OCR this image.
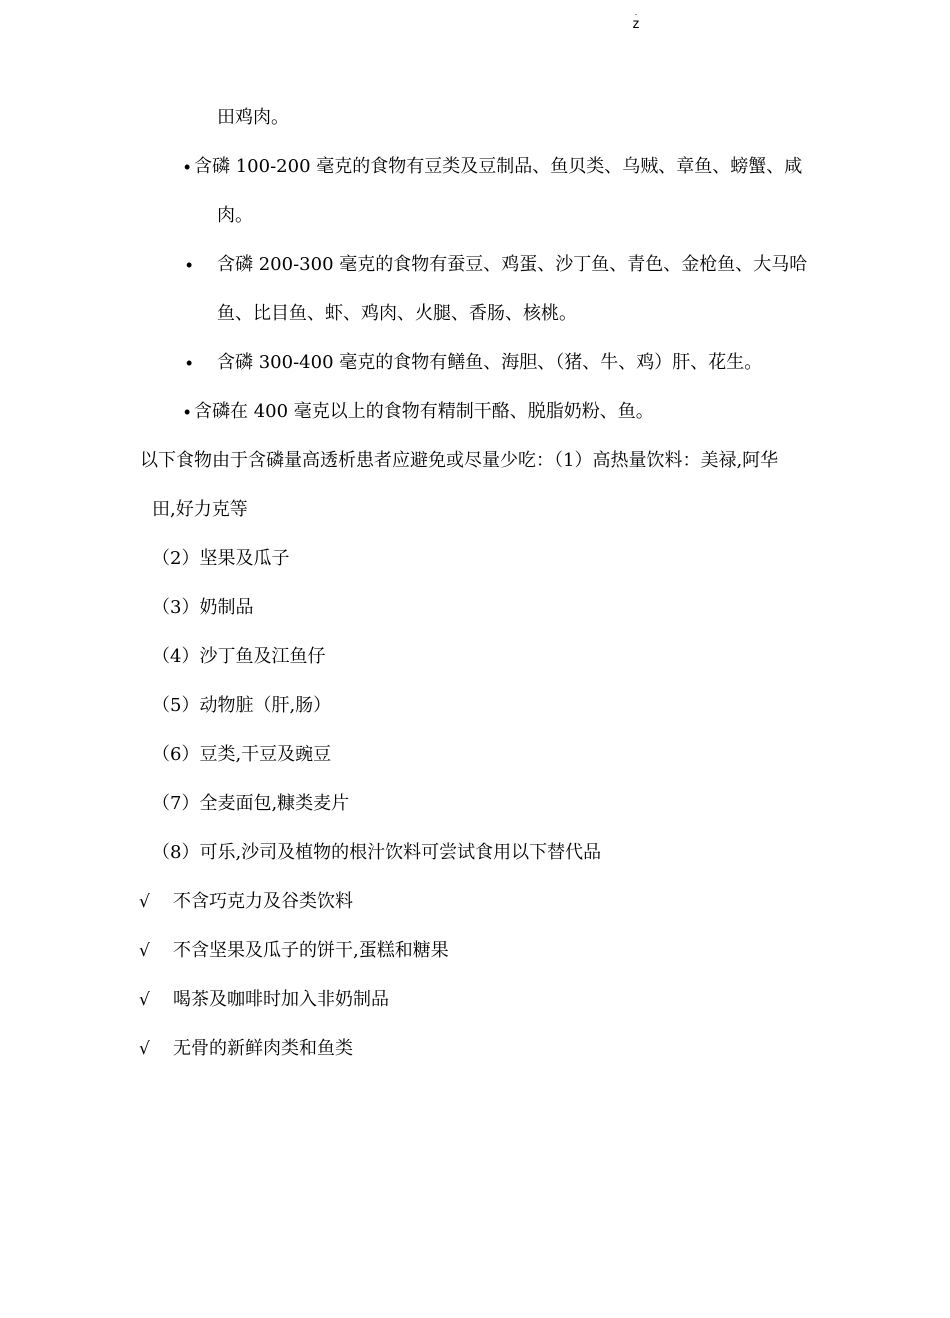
.
z
田鸡肉。
• 含磷 100-200 毫克的食物有豆类及豆制品、鱼贝类、乌贼、章鱼、螃蟹、咸
肉。
• 含磷 200-300 毫克的食物有蚕豆、鸡蛋、沙丁鱼、青色、金枪鱼、大马哈
鱼、比目鱼、虾、鸡肉、火腿、香肠、核桃。
• 含磷 300-400 毫克的食物有鳝鱼、海胆、（猪、牛、鸡）肝、花生。
• 含磷在 400 毫克以上的食物有精制干酪、脱脂奶粉、鱼。
以下食物由于含磷量高透析患者应避免或尽量少吃：（1）高热量饮料：美禄,阿华
田,好力克等
（2）坚果及瓜子
（3）奶制品
（4）沙丁鱼及江鱼仔
（5）动物脏（肝,肠）
（6）豆类,干豆及豌豆
（7）全麦面包,糠类麦片
（8）可乐,沙司及植物的根汁饮料可尝试食用以下替代品
√ 不含巧克力及谷类饮料
√ 不含坚果及瓜子的饼干,蛋糕和糖果
√ 喝茶及咖啡时加入非奶制品
√ 无骨的新鲜肉类和鱼类
